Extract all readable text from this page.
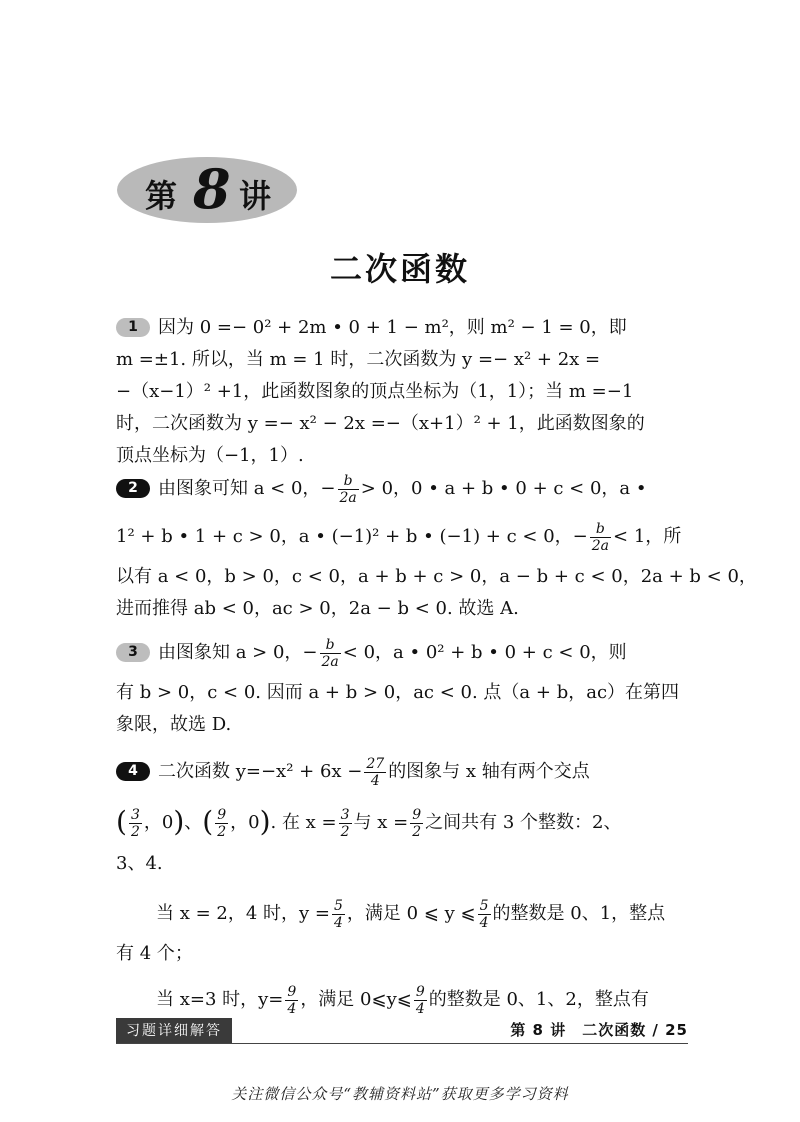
第 8 讲
二次函数
1 因为 0 =− 0² + 2m • 0 + 1 − m²，则 m² − 1 = 0，即
m =±1. 所以，当 m = 1 时，二次函数为 y =− x² + 2x =
−（x−1）² +1，此函数图象的顶点坐标为（1，1）；当 m =−1
时，二次函数为 y =− x² − 2x =−（x+1）² + 1，此函数图象的
顶点坐标为（−1，1）.
2 由图象可知 a < 0，− $\frac{b}{2a} > 0$，0 • a + b • 0 + c < 0，a •
1² + b • 1 + c > 0，a • (−1)² + b • (−1) + c < 0，− $\frac{b}{2a} < 1$，所
以有 a < 0，b > 0，c < 0，a + b + c > 0，a − b + c < 0，2a + b < 0，
进而推得 ab < 0，ac > 0，2a − b < 0. 故选 A.
3 由图象知 a > 0，− $\frac{b}{2a} < 0$，a • 0² + b • 0 + c < 0，则
有 b > 0，c < 0. 因而 a + b > 0，ac < 0. 点（a + b，ac）在第四
象限，故选 D.
4 二次函数 $y=-x^2 + 6x - \frac{27}{4}$ 的图象与 x 轴有两个交点
( $\frac{3}{2}$ ，0)、( $\frac{9}{2}$ ，0). 在 $x = \frac{3}{2}$ 与 $x = \frac{9}{2}$ 之间共有 3 个整数：2、
3、4.
当 x = 2，4 时，$y = \frac{5}{4}$ ，满足 0 ⩽ y ⩽ $\frac{5}{4}$ 的整数是 0、1，整点
有 4 个；
当 x=3 时，$y= \frac{9}{4}$ ，满足 0⩽y⩽ $\frac{9}{4}$ 的整数是 0、1、2，整点有
习题详细解答	第 8 讲　二次函数 / 25
关注微信公众号“教辅资料站”获取更多学习资料
